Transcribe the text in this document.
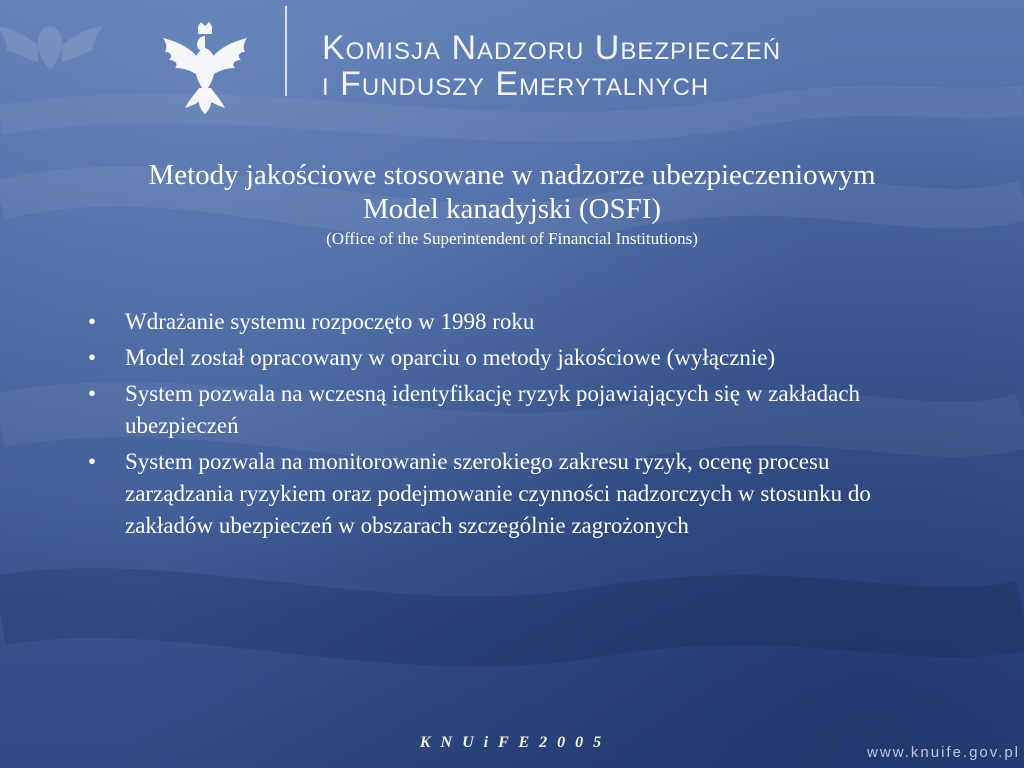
Komisja Nadzoru Ubezpieczeń
i Funduszy Emerytalnych
Metody jakościowe stosowane w nadzorze ubezpieczeniowym
Model kanadyjski (OSFI)
(Office of the Superintendent of Financial Institutions)
• Wdrażanie systemu rozpoczęto w 1998 roku
• Model został opracowany w oparciu o metody jakościowe (wyłącznie)
• System pozwala na wczesną identyfikację ryzyk pojawiających się w zakładach ubezpieczeń
• System pozwala na monitorowanie szerokiego zakresu ryzyk, ocenę procesu zarządzania ryzykiem oraz podejmowanie czynności nadzorczych w stosunku do zakładów ubezpieczeń w obszarach szczególnie zagrożonych
K N U i F E 2 0 0 5
www.knuife.gov.pl
